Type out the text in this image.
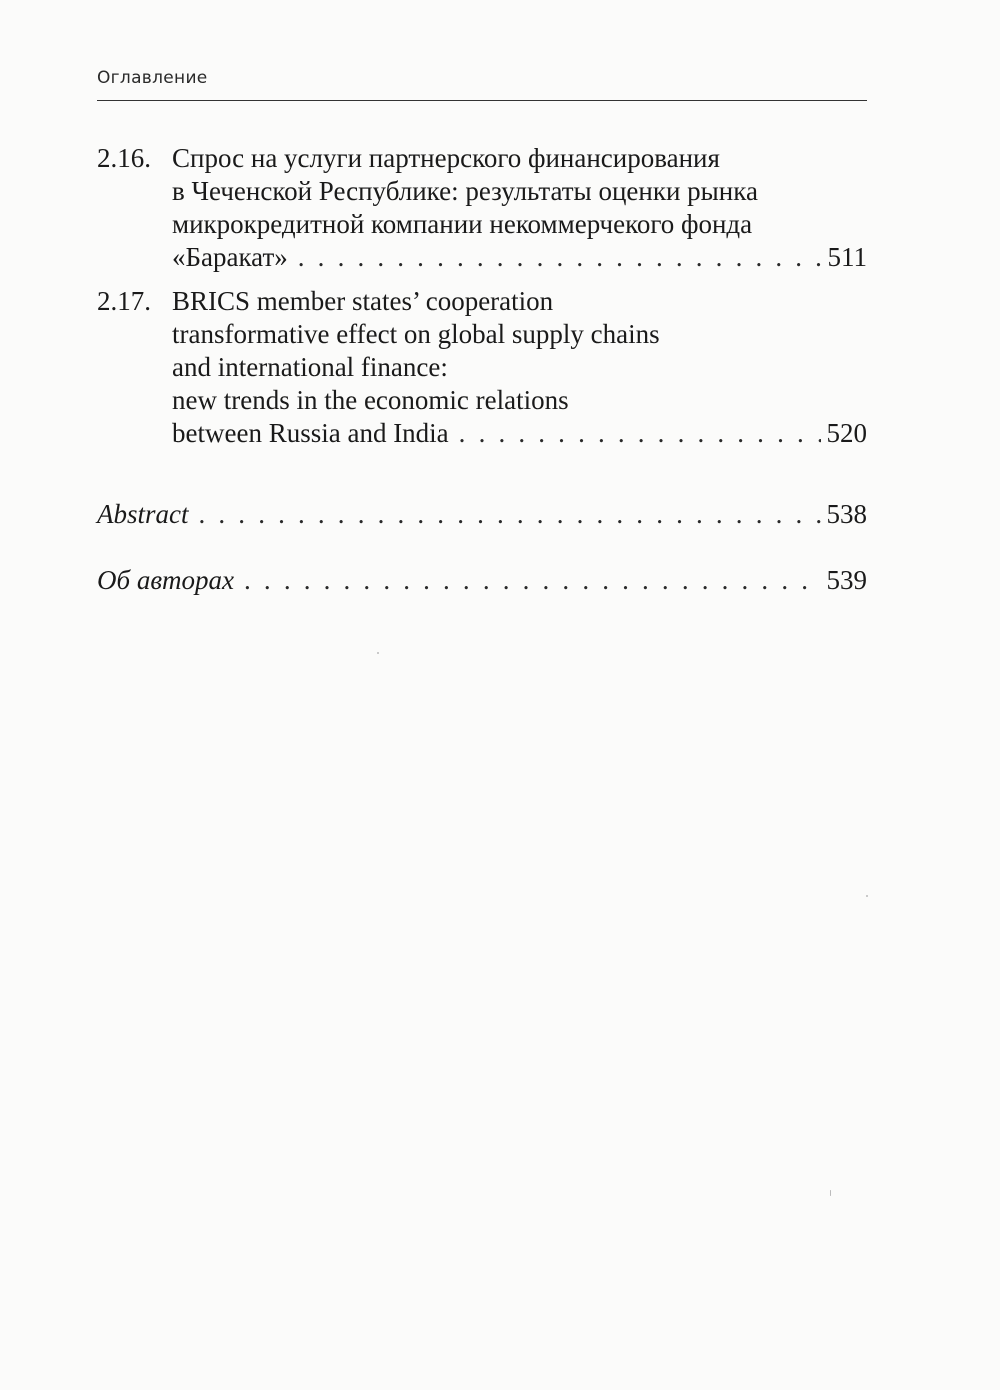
Оглавление
2.16. Спрос на услуги партнерского финансирования
в Чеченской Республике: результаты оценки рынка
микрокредитной компании некоммерчекого фонда
«Баракат» . . .	511
2.17. BRICS member states’ cooperation
transformative effect on global supply chains
and international finance:
new trends in the economic relations
between Russia and India . . .	520
Abstract . . .	538
Об авторах . . .	539
